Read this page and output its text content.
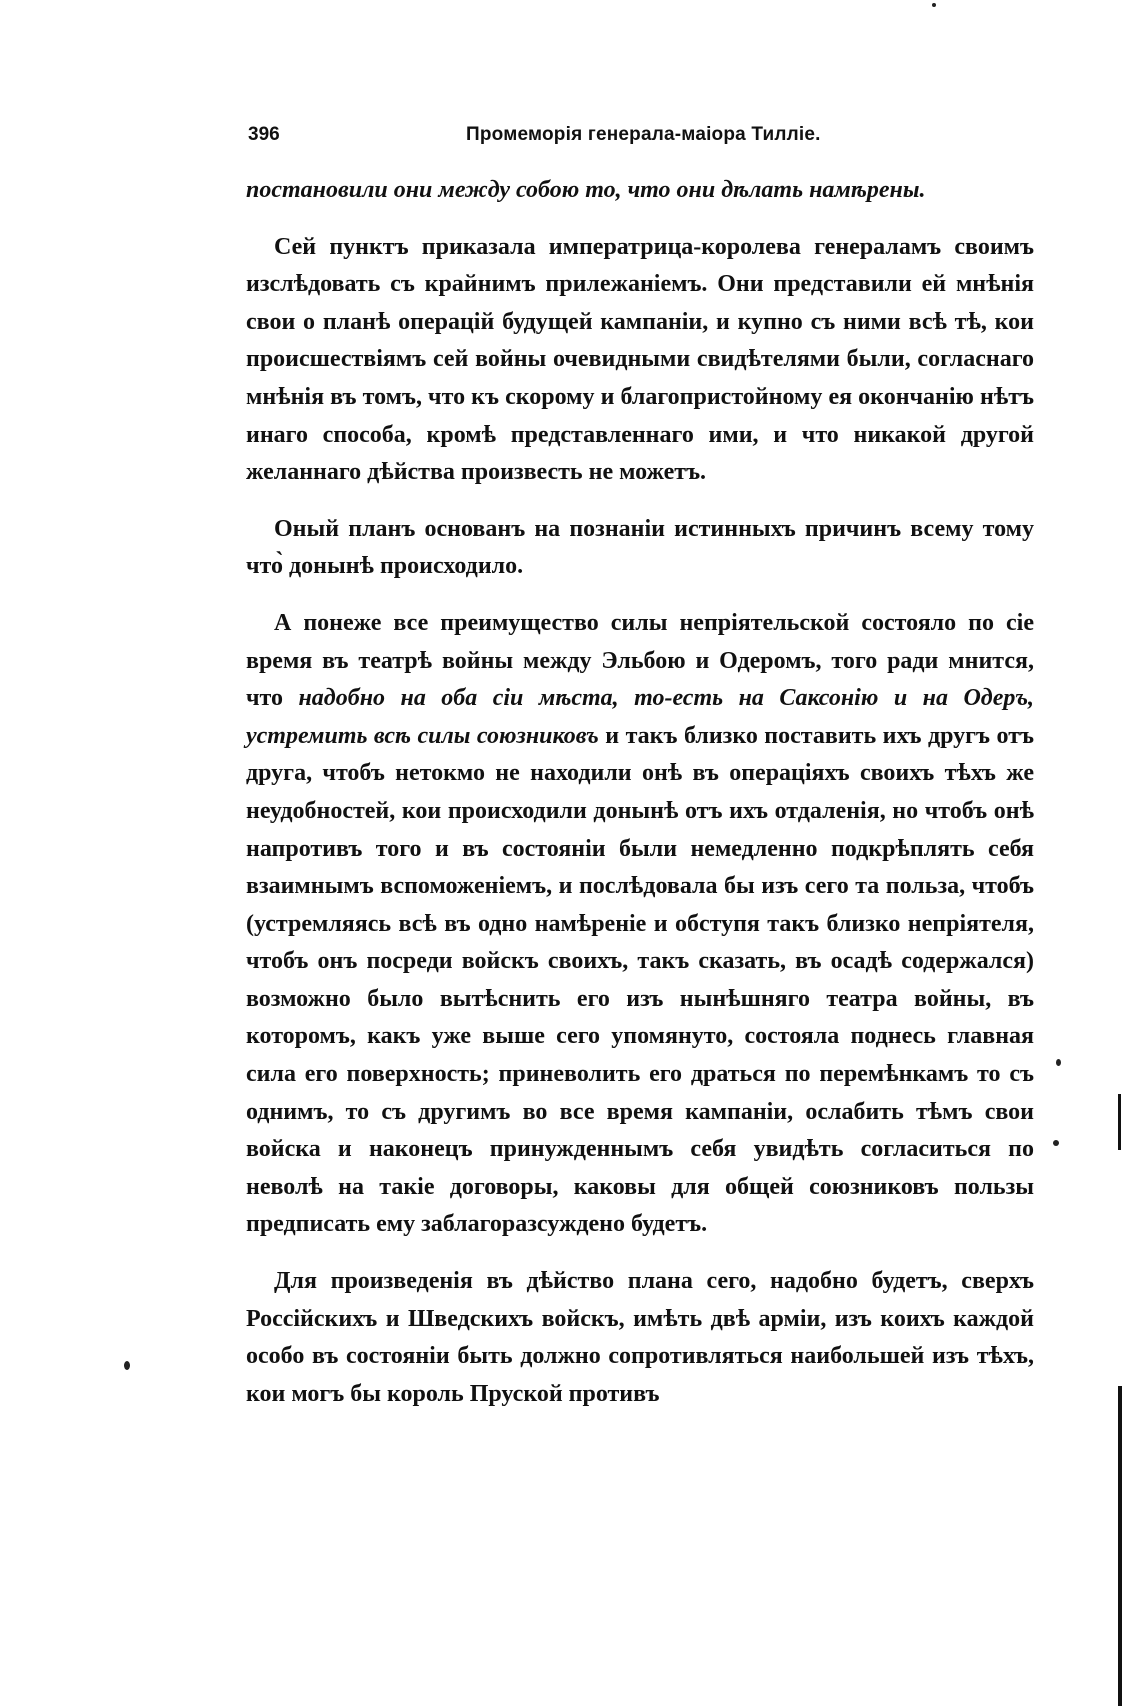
396	Промеморія генерала-маіора Тиллie.

постановили они между собою то, что они дѣлать намѣрены.

Сей пунктъ приказала императрица-королева генераламъ своимъ изслѣдовать съ крайнимъ прилежаніемъ. Они представили ей мнѣнія свои о планѣ операцій будущей кампаніи, и купно съ ними всѣ тѣ, кои происшествіямъ сей войны очевидными свидѣтелями были, согласнаго мнѣнія въ томъ, что къ скорому и благопристойному ея окончанію нѣтъ инаго способа, кромѣ представленнаго ими, и что никакой другой желаннаго дѣйства произвесть не можетъ.

Оный планъ основанъ на познаніи истинныхъ причинъ всему тому что̀ донынѣ происходило.

А понеже все преимущество силы непріятельской состояло по сіе время въ театрѣ войны между Эльбою и Одеромъ, того ради мнится, что надобно на оба сіи мѣста, то-есть на Саксонію и на Одеръ, устремить всѣ силы союзниковъ и такъ близко поставить ихъ другъ отъ друга, чтобъ нетокмо не находили онѣ въ операціяхъ своихъ тѣхъ же неудобностей, кои происходили донынѣ отъ ихъ отдаленія, но чтобъ онѣ напротивъ того и въ состояніи были немедленно подкрѣплять себя взаимнымъ вспоможеніемъ, и послѣдовала бы изъ сего та польза, чтобъ (устремляясь всѣ въ одно намѣреніе и обступя такъ близко непріятеля, чтобъ онъ посреди войскъ своихъ, такъ сказать, въ осадѣ содержался) возможно было вытѣснить его изъ нынѣшняго театра войны, въ которомъ, какъ уже выше сего упомянуто, состояла поднесь главная сила его поверхность; приневолить его драться по перемѣнкамъ то съ однимъ, то съ другимъ во все время кампаніи, ослабить тѣмъ свои войска и наконецъ принужденнымъ себя увидѣть согласиться по неволѣ на такіе договоры, каковы для общей союзниковъ пользы предписать ему заблагоразсуждено будетъ.

Для произведенія въ дѣйство плана сего, надобно будетъ, сверхъ Россійскихъ и Шведскихъ войскъ, имѣть двѣ арміи, изъ коихъ каждой особо въ состояніи быть должно сопротивляться наибольшей изъ тѣхъ, кои могъ бы король Пруской противъ
